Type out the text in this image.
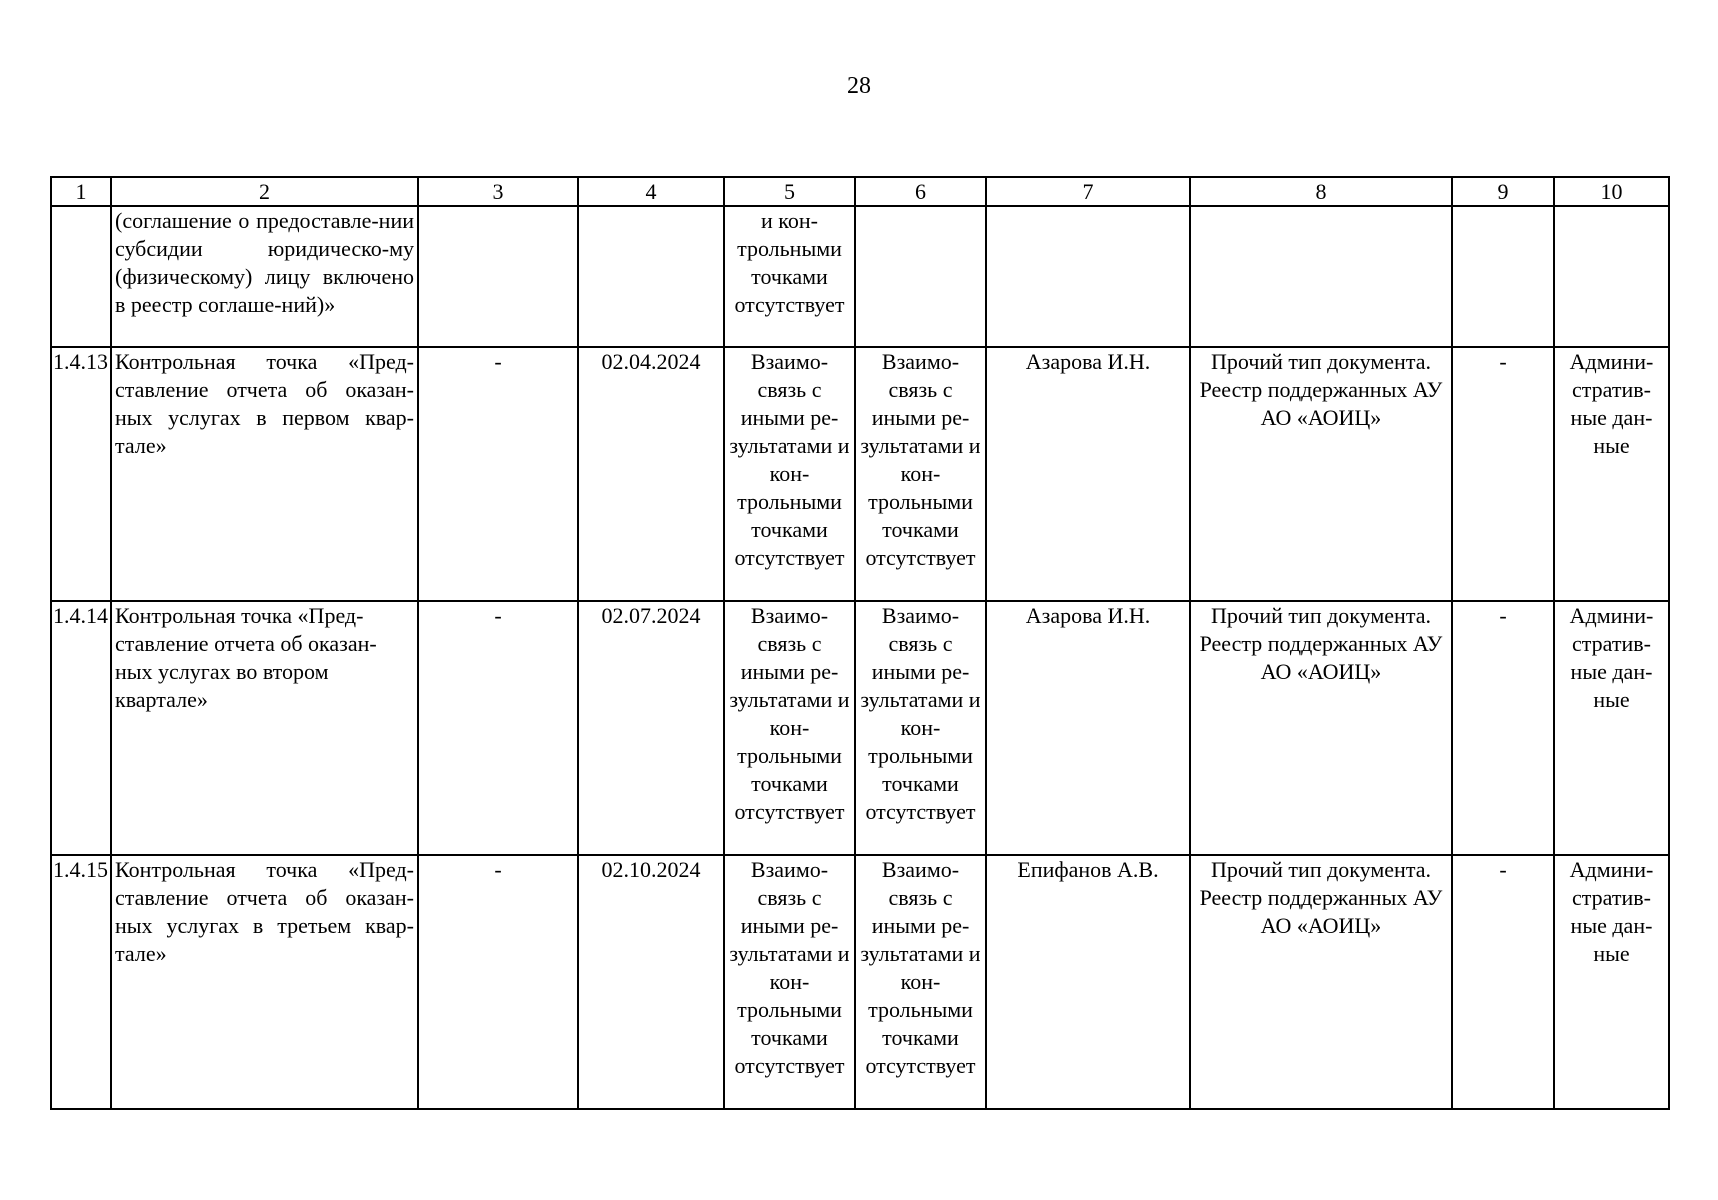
28
1	2	3	4	5	6	7	8	9	10
	(соглашение о предоставле-нии субсидии юридическо-му (физическому) лицу включено в реестр соглаше-ний)»			и кон-трольными точками отсутствует					
1.4.13	Контрольная точка «Пред-ставление отчета об оказан-ных услугах в первом квар-тале»	-	02.04.2024	Взаимо-связь с иными ре-зультатами и кон-трольными точками отсутствует	Взаимо-связь с иными ре-зультатами и кон-трольными точками отсутствует	Азарова И.Н.	Прочий тип документа. Реестр поддержанных АУ АО «АОИЦ»	-	Админи-стратив-ные дан-ные
1.4.14	Контрольная точка «Пред-ставление отчета об оказан-ных услугах во втором квартале»	-	02.07.2024	Взаимо-связь с иными ре-зультатами и кон-трольными точками отсутствует	Взаимо-связь с иными ре-зультатами и кон-трольными точками отсутствует	Азарова И.Н.	Прочий тип документа. Реестр поддержанных АУ АО «АОИЦ»	-	Админи-стратив-ные дан-ные
1.4.15	Контрольная точка «Пред-ставление отчета об оказан-ных услугах в третьем квар-тале»	-	02.10.2024	Взаимо-связь с иными ре-зультатами и кон-трольными точками отсутствует	Взаимо-связь с иными ре-зультатами и кон-трольными точками отсутствует	Епифанов А.В.	Прочий тип документа. Реестр поддержанных АУ АО «АОИЦ»	-	Админи-стратив-ные дан-ные
